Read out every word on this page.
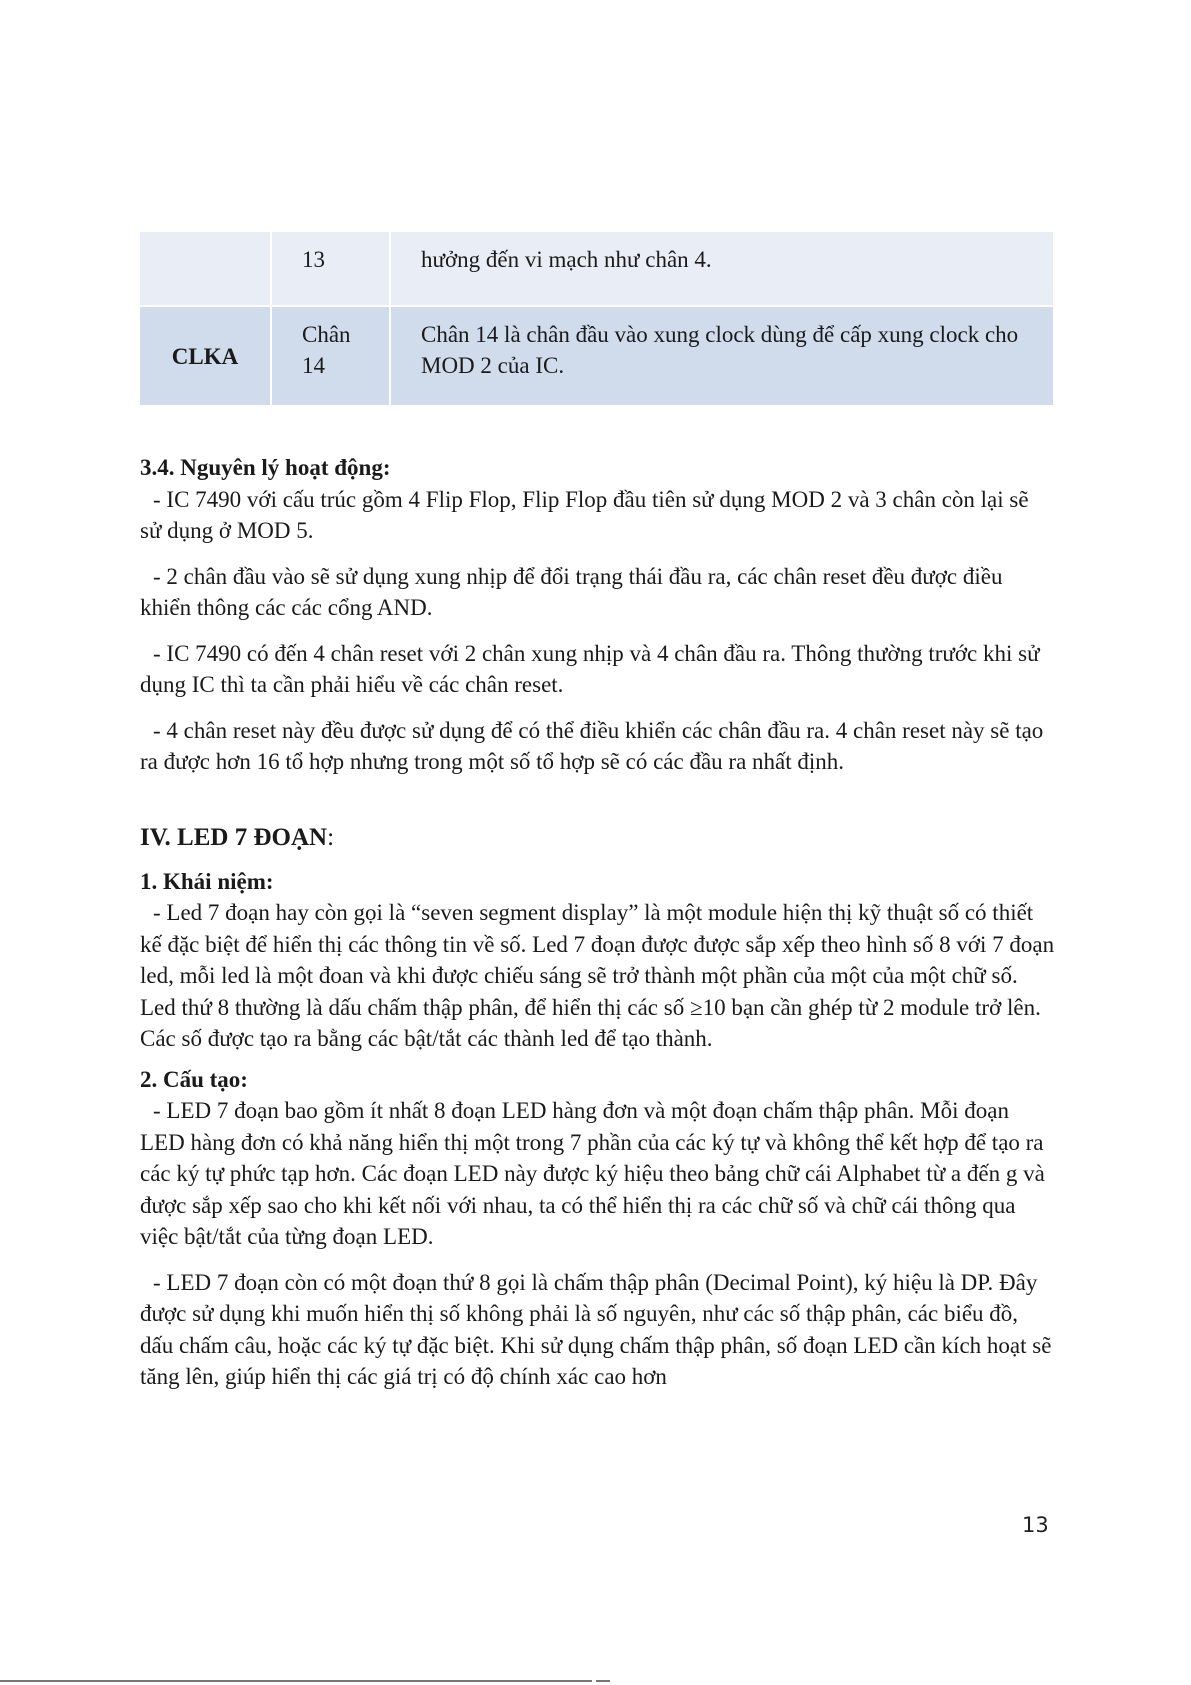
	13	hưởng đến vi mạch như chân 4.
CLKA	Chân 14	Chân 14 là chân đầu vào xung clock dùng để cấp xung clock cho MOD 2 của IC.
3.4. Nguyên lý hoạt động:

- IC 7490 với cấu trúc gồm 4 Flip Flop, Flip Flop đầu tiên sử dụng MOD 2 và 3 chân còn lại sẽ sử dụng ở MOD 5.

- 2 chân đầu vào sẽ sử dụng xung nhịp để đổi trạng thái đầu ra, các chân reset đều được điều khiển thông các các cổng AND.

- IC 7490 có đến 4 chân reset với 2 chân xung nhịp và 4 chân đầu ra. Thông thường trước khi sử dụng IC thì ta cần phải hiểu về các chân reset.

- 4 chân reset này đều được sử dụng để có thể điều khiển các chân đầu ra. 4 chân reset này sẽ tạo ra được hơn 16 tổ hợp nhưng trong một số tổ hợp sẽ có các đầu ra nhất định.

IV. LED 7 ĐOẠN:
1. Khái niệm:

- Led 7 đoạn hay còn gọi là “seven segment display” là một module hiện thị kỹ thuật số có thiết kế đặc biệt để hiển thị các thông tin về số. Led 7 đoạn được được sắp xếp theo hình số 8 với 7 đoạn led, mỗi led là một đoan và khi được chiếu sáng sẽ trở thành một phần của một của một chữ số. Led thứ 8 thường là dấu chấm thập phân, để hiển thị các số ≥10 bạn cần ghép từ 2 module trở lên. Các số được tạo ra bằng các bật/tắt các thành led để tạo thành.

2. Cấu tạo:

- LED 7 đoạn bao gồm ít nhất 8 đoạn LED hàng đơn và một đoạn chấm thập phân. Mỗi đoạn LED hàng đơn có khả năng hiển thị một trong 7 phần của các ký tự và không thể kết hợp để tạo ra các ký tự phức tạp hơn. Các đoạn LED này được ký hiệu theo bảng chữ cái Alphabet từ a đến g và được sắp xếp sao cho khi kết nối với nhau, ta có thể hiển thị ra các chữ số và chữ cái thông qua việc bật/tắt của từng đoạn LED.

- LED 7 đoạn còn có một đoạn thứ 8 gọi là chấm thập phân (Decimal Point), ký hiệu là DP. Đây được sử dụng khi muốn hiển thị số không phải là số nguyên, như các số thập phân, các biểu đồ, dấu chấm câu, hoặc các ký tự đặc biệt. Khi sử dụng chấm thập phân, số đoạn LED cần kích hoạt sẽ tăng lên, giúp hiển thị các giá trị có độ chính xác cao hơn

13
